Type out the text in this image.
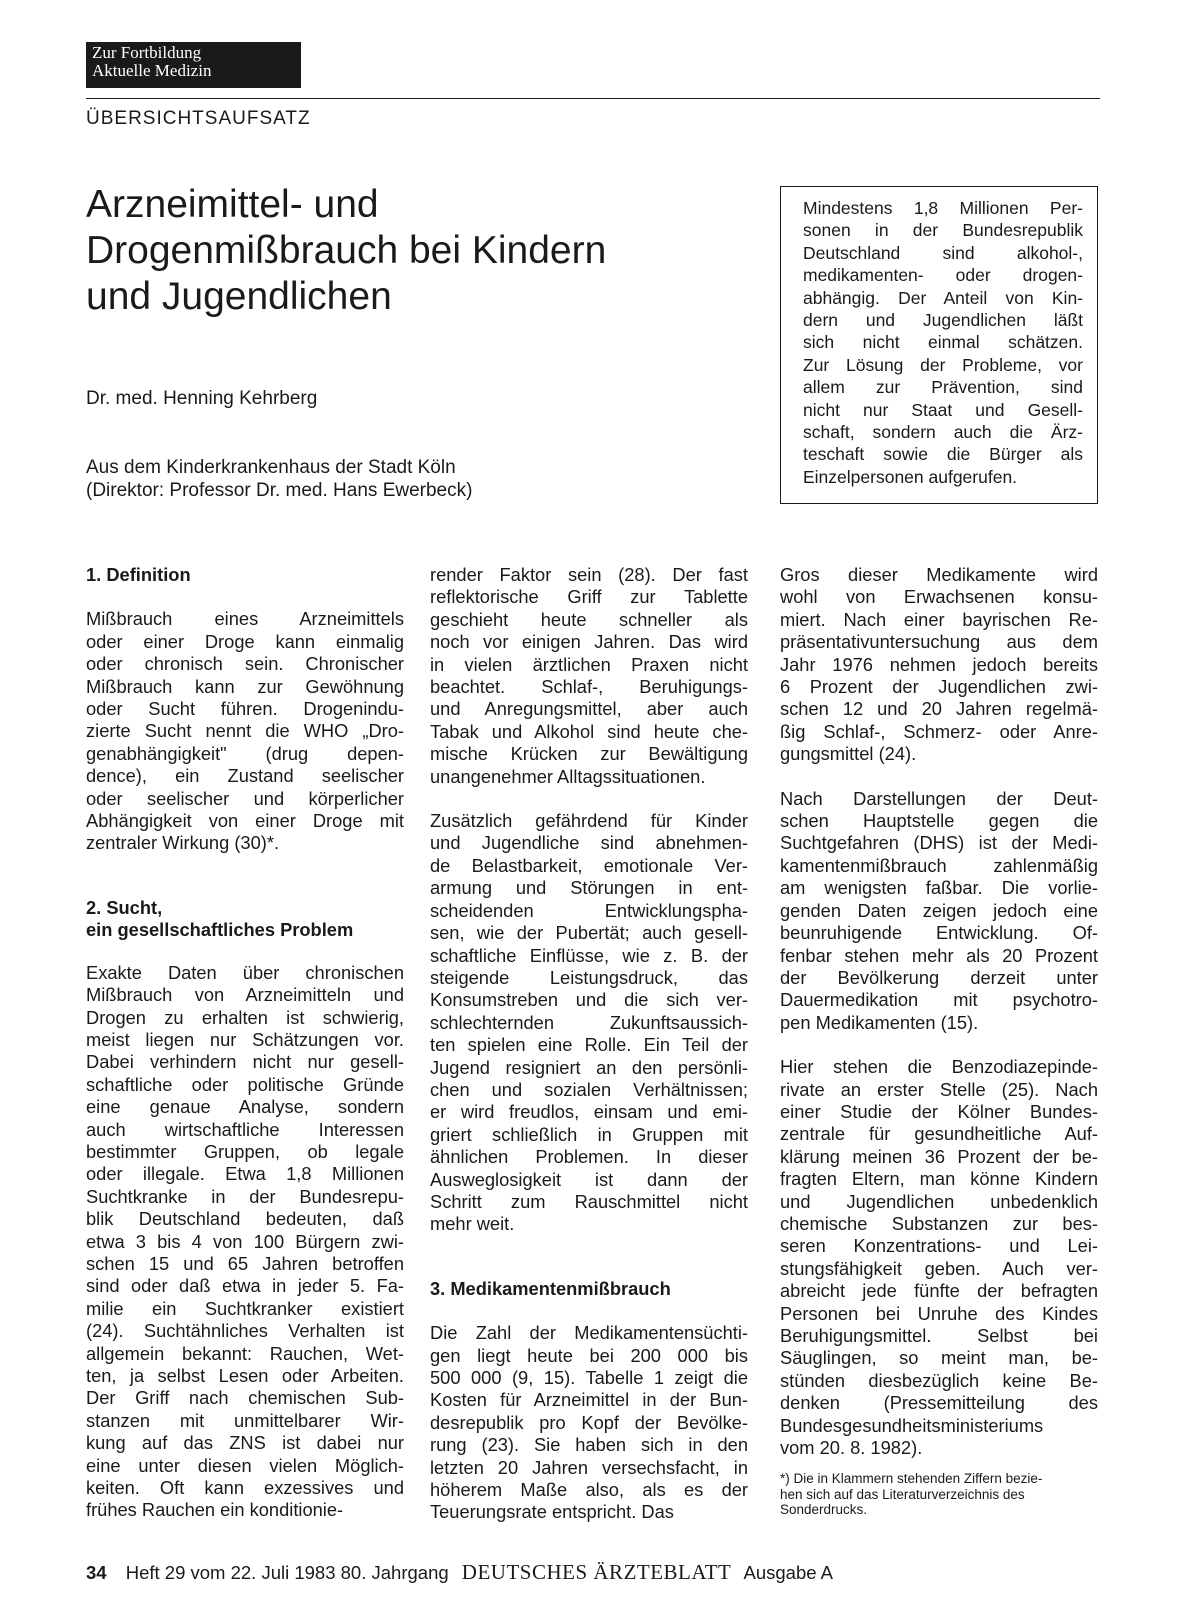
Zur Fortbildung
Aktuelle Medizin
ÜBERSICHTSAUFSATZ
Arzneimittel- und
Drogenmißbrauch bei Kindern
und Jugendlichen
Dr. med. Henning Kehrberg
Aus dem Kinderkrankenhaus der Stadt Köln
(Direktor: Professor Dr. med. Hans Ewerbeck)
Mindestens 1,8 Millionen Per-
sonen in der Bundesrepublik
Deutschland sind alkohol-,
medikamenten- oder drogen-
abhängig. Der Anteil von Kin-
dern und Jugendlichen läßt
sich nicht einmal schätzen.
Zur Lösung der Probleme, vor
allem zur Prävention, sind
nicht nur Staat und Gesell-
schaft, sondern auch die Ärz-
teschaft sowie die Bürger als
Einzelpersonen aufgerufen.
1. Definition
Mißbrauch eines Arzneimittels
oder einer Droge kann einmalig
oder chronisch sein. Chronischer
Mißbrauch kann zur Gewöhnung
oder Sucht führen. Drogenindu-
zierte Sucht nennt die WHO „Dro-
genabhängigkeit" (drug depen-
dence), ein Zustand seelischer
oder seelischer und körperlicher
Abhängigkeit von einer Droge mit
zentraler Wirkung (30)*.
2. Sucht,
ein gesellschaftliches Problem
Exakte Daten über chronischen
Mißbrauch von Arzneimitteln und
Drogen zu erhalten ist schwierig,
meist liegen nur Schätzungen vor.
Dabei verhindern nicht nur gesell-
schaftliche oder politische Gründe
eine genaue Analyse, sondern
auch wirtschaftliche Interessen
bestimmter Gruppen, ob legale
oder illegale. Etwa 1,8 Millionen
Suchtkranke in der Bundesrepu-
blik Deutschland bedeuten, daß
etwa 3 bis 4 von 100 Bürgern zwi-
schen 15 und 65 Jahren betroffen
sind oder daß etwa in jeder 5. Fa-
milie ein Suchtkranker existiert
(24). Suchtähnliches Verhalten ist
allgemein bekannt: Rauchen, Wet-
ten, ja selbst Lesen oder Arbeiten.
Der Griff nach chemischen Sub-
stanzen mit unmittelbarer Wir-
kung auf das ZNS ist dabei nur
eine unter diesen vielen Möglich-
keiten. Oft kann exzessives und
frühes Rauchen ein konditionie-
render Faktor sein (28). Der fast
reflektorische Griff zur Tablette
geschieht heute schneller als
noch vor einigen Jahren. Das wird
in vielen ärztlichen Praxen nicht
beachtet. Schlaf-, Beruhigungs-
und Anregungsmittel, aber auch
Tabak und Alkohol sind heute che-
mische Krücken zur Bewältigung
unangenehmer Alltagssituationen.
Zusätzlich gefährdend für Kinder
und Jugendliche sind abnehmen-
de Belastbarkeit, emotionale Ver-
armung und Störungen in ent-
scheidenden Entwicklungspha-
sen, wie der Pubertät; auch gesell-
schaftliche Einflüsse, wie z. B. der
steigende Leistungsdruck, das
Konsumstreben und die sich ver-
schlechternden Zukunftsaussich-
ten spielen eine Rolle. Ein Teil der
Jugend resigniert an den persönli-
chen und sozialen Verhältnissen;
er wird freudlos, einsam und emi-
griert schließlich in Gruppen mit
ähnlichen Problemen. In dieser
Ausweglosigkeit ist dann der
Schritt zum Rauschmittel nicht
mehr weit.
3. Medikamentenmißbrauch
Die Zahl der Medikamentensüchti-
gen liegt heute bei 200 000 bis
500 000 (9, 15). Tabelle 1 zeigt die
Kosten für Arzneimittel in der Bun-
desrepublik pro Kopf der Bevölke-
rung (23). Sie haben sich in den
letzten 20 Jahren versechsfacht, in
höherem Maße also, als es der
Teuerungsrate entspricht. Das
Gros dieser Medikamente wird
wohl von Erwachsenen konsu-
miert. Nach einer bayrischen Re-
präsentativuntersuchung aus dem
Jahr 1976 nehmen jedoch bereits
6 Prozent der Jugendlichen zwi-
schen 12 und 20 Jahren regelmä-
ßig Schlaf-, Schmerz- oder Anre-
gungsmittel (24).
Nach Darstellungen der Deut-
schen Hauptstelle gegen die
Suchtgefahren (DHS) ist der Medi-
kamentenmißbrauch zahlenmäßig
am wenigsten faßbar. Die vorlie-
genden Daten zeigen jedoch eine
beunruhigende Entwicklung. Of-
fenbar stehen mehr als 20 Prozent
der Bevölkerung derzeit unter
Dauermedikation mit psychotro-
pen Medikamenten (15).
Hier stehen die Benzodiazepinde-
rivate an erster Stelle (25). Nach
einer Studie der Kölner Bundes-
zentrale für gesundheitliche Auf-
klärung meinen 36 Prozent der be-
fragten Eltern, man könne Kindern
und Jugendlichen unbedenklich
chemische Substanzen zur bes-
seren Konzentrations- und Lei-
stungsfähigkeit geben. Auch ver-
abreicht jede fünfte der befragten
Personen bei Unruhe des Kindes
Beruhigungsmittel. Selbst bei
Säuglingen, so meint man, be-
stünden diesbezüglich keine Be-
denken (Pressemitteilung des
Bundesgesundheitsministeriums
vom 20. 8. 1982).
*) Die in Klammern stehenden Ziffern bezie-
hen sich auf das Literaturverzeichnis des
Sonderdrucks.
34 Heft 29 vom 22. Juli 1983 80. Jahrgang DEUTSCHES ÄRZTEBLATT Ausgabe A
